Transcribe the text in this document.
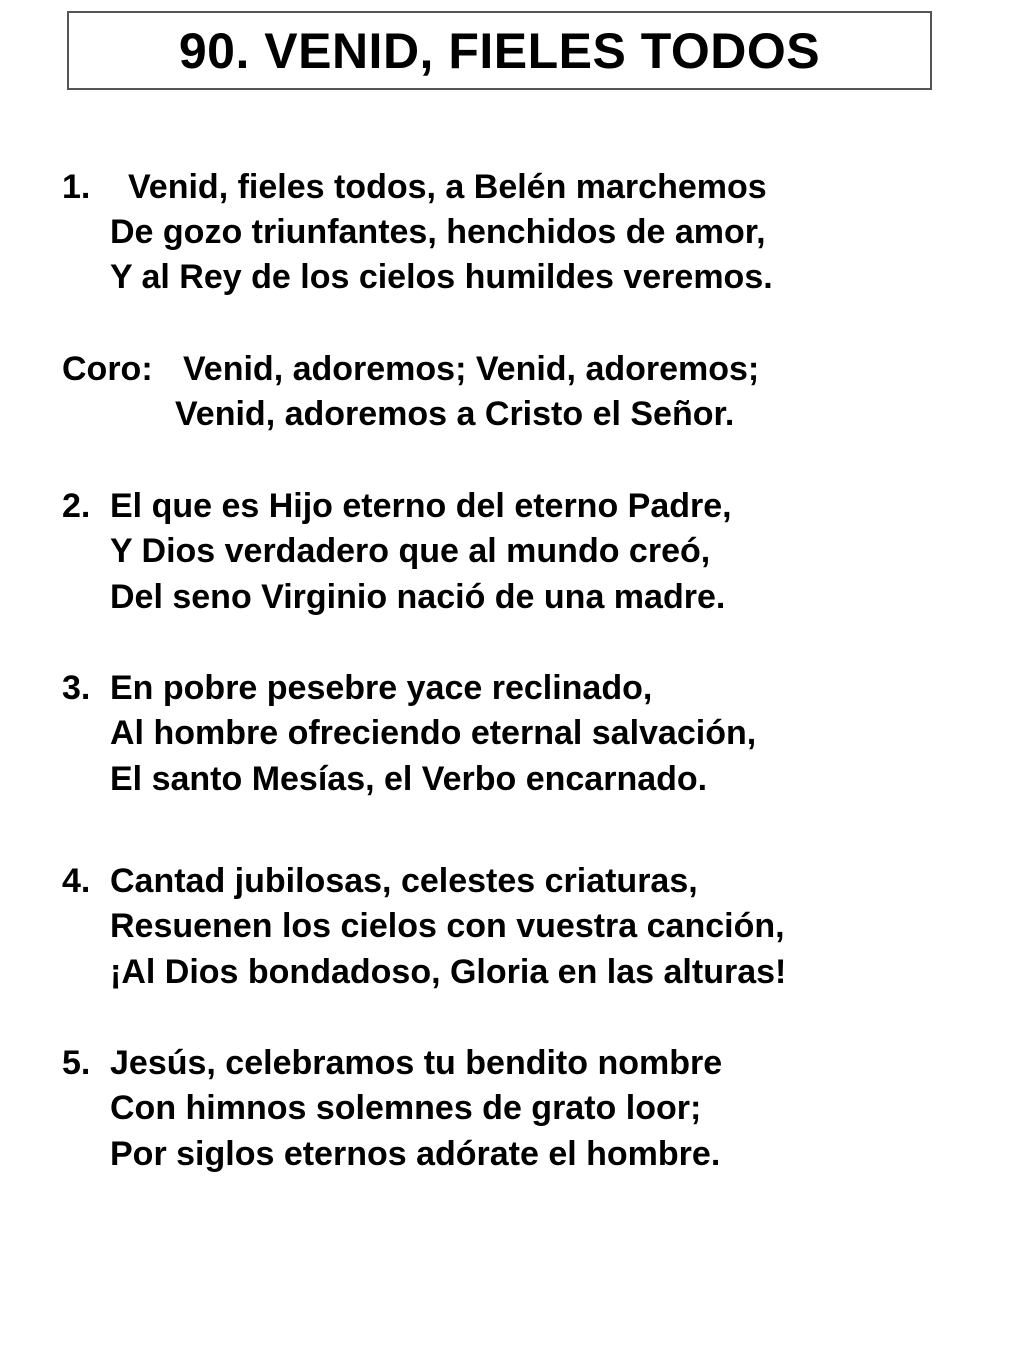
90. VENID, FIELES TODOS
1. Venid, fieles todos, a Belén marchemos
De gozo triunfantes, henchidos de amor,
Y al Rey de los cielos humildes veremos.
Coro: Venid, adoremos; Venid, adoremos;
Venid, adoremos a Cristo el Señor.
2. El que es Hijo eterno del eterno Padre,
Y Dios verdadero que al mundo creó,
Del seno Virginio nació de una madre.
3. En pobre pesebre yace reclinado,
Al hombre ofreciendo eternal salvación,
El santo Mesías, el Verbo encarnado.
4. Cantad jubilosas, celestes criaturas,
Resuenen los cielos con vuestra canción,
¡Al Dios bondadoso, Gloria en las alturas!
5. Jesús, celebramos tu bendito nombre
Con himnos solemnes de grato loor;
Por siglos eternos adórate el hombre.
